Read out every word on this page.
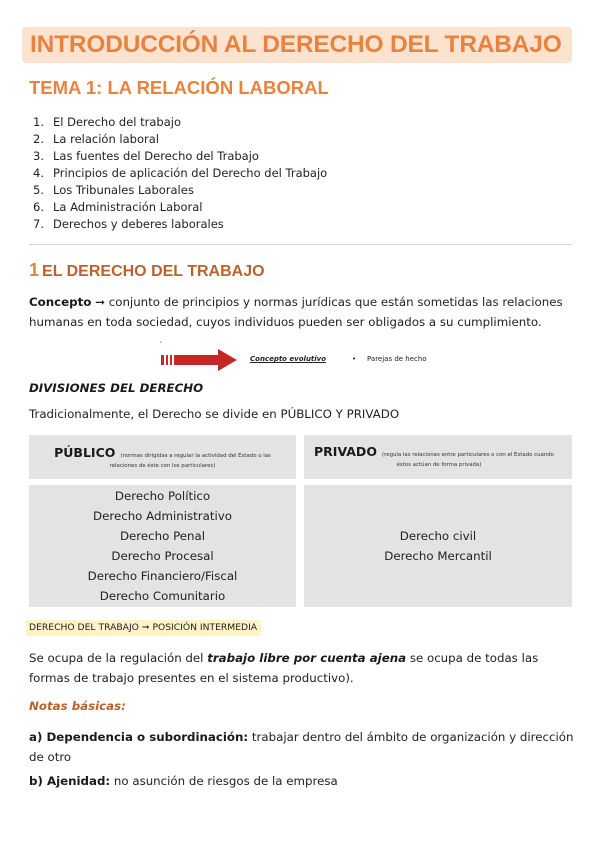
INTRODUCCIÓN AL DERECHO DEL TRABAJO
TEMA 1: LA RELACIÓN LABORAL
1. El Derecho del trabajo
2. La relación laboral
3. Las fuentes del Derecho del Trabajo
4. Principios de aplicación del Derecho del Trabajo
5. Los Tribunales Laborales
6. La Administración Laboral
7. Derechos y deberes laborales
1 EL DERECHO DEL TRABAJO
Concepto ➞ conjunto de principios y normas jurídicas que están sometidas las relaciones humanas en toda sociedad, cuyos individuos pueden ser obligados a su cumplimiento.
Concepto evolutivo	• Parejas de hecho
DIVISIONES DEL DERECHO
Tradicionalmente, el Derecho se divide en PÚBLICO Y PRIVADO
PÚBLICO (normas dirigidas a regular la actividad del Estado o las
relaciones de éste con los particulares)
PRIVADO (regula las relaciones entre particulares o con el Estado cuando
éstos actúan de forma privada)
Derecho Político
Derecho Administrativo
Derecho Penal
Derecho Procesal
Derecho Financiero/Fiscal
Derecho Comunitario
Derecho civil
Derecho Mercantil
DERECHO DEL TRABAJO ➞ POSICIÓN INTERMEDIA
Se ocupa de la regulación del trabajo libre por cuenta ajena se ocupa de todas las formas de trabajo presentes en el sistema productivo).
Notas básicas:
a) Dependencia o subordinación: trabajar dentro del ámbito de organización y dirección de otro
b) Ajenidad: no asunción de riesgos de la empresa
